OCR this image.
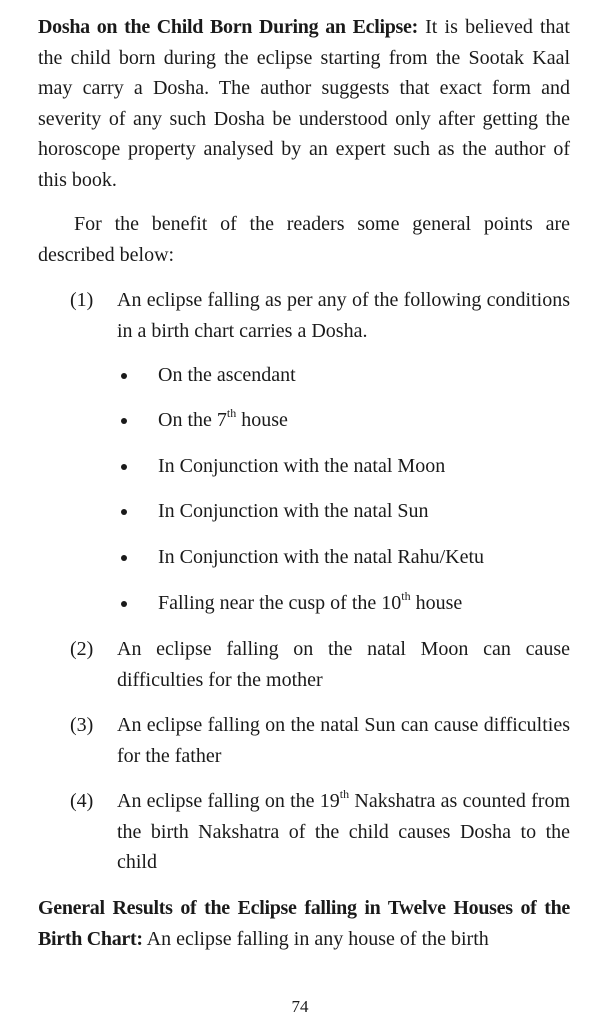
Dosha on the Child Born During an Eclipse: It is believed that the child born during the eclipse starting from the Sootak Kaal may carry a Dosha. The author suggests that exact form and severity of any such Dosha be understood only after getting the horoscope property analysed by an expert such as the author of this book.

For the benefit of the readers some general points are described below:

(1) An eclipse falling as per any of the following conditions in a birth chart carries a Dosha.

On the ascendant
On the 7th house
In Conjunction with the natal Moon
In Conjunction with the natal Sun
In Conjunction with the natal Rahu/Ketu
Falling near the cusp of the 10th house
(2) An eclipse falling on the natal Moon can cause difficulties for the mother

(3) An eclipse falling on the natal Sun can cause difficulties for the father

(4) An eclipse falling on the 19th Nakshatra as counted from the birth Nakshatra of the child causes Dosha to the child

General Results of the Eclipse falling in Twelve Houses of the Birth Chart: An eclipse falling in any house of the birth

74
